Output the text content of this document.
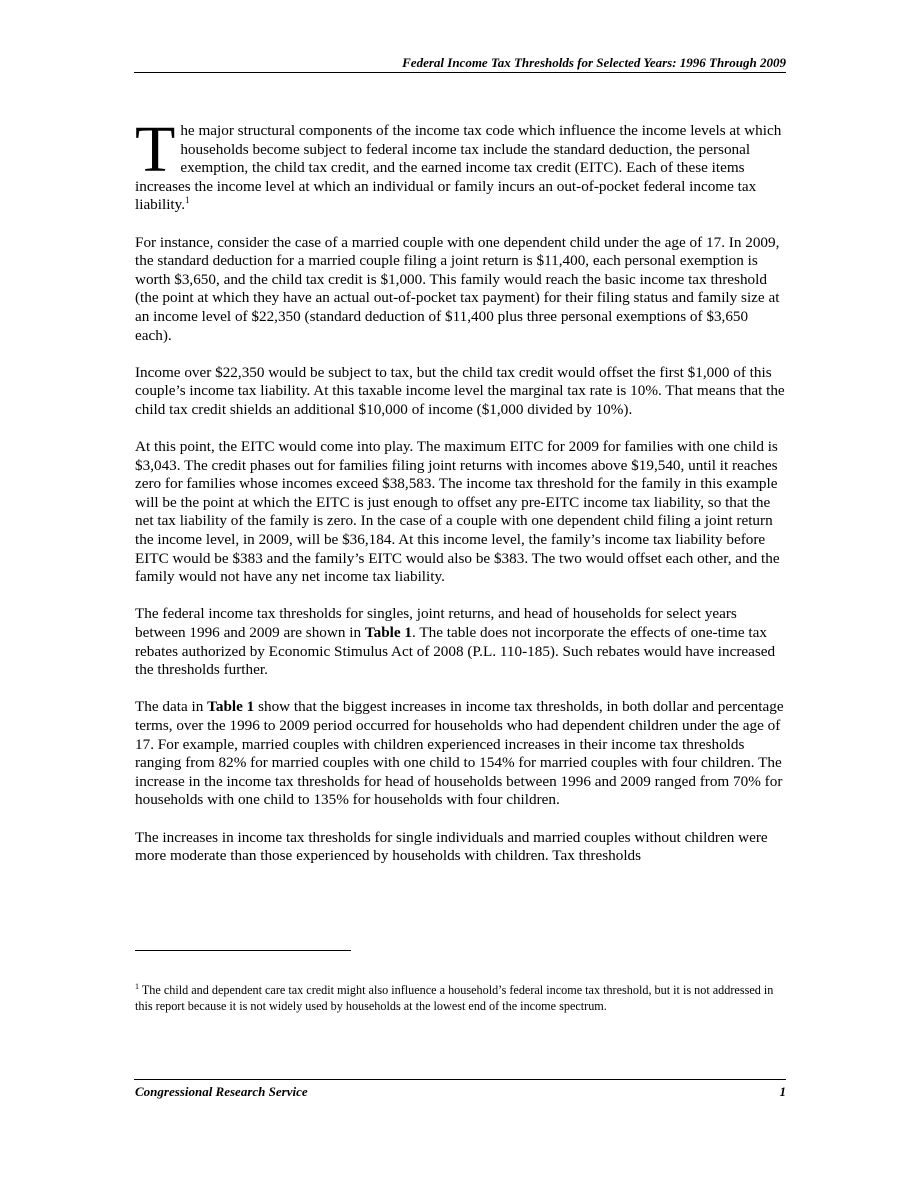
Federal Income Tax Thresholds for Selected Years: 1996 Through 2009

The major structural components of the income tax code which influence the income levels at which households become subject to federal income tax include the standard deduction, the personal exemption, the child tax credit, and the earned income tax credit (EITC). Each of these items increases the income level at which an individual or family incurs an out-of-pocket federal income tax liability.$^1$

For instance, consider the case of a married couple with one dependent child under the age of 17. In 2009, the standard deduction for a married couple filing a joint return is $11,400, each personal exemption is worth $3,650, and the child tax credit is $1,000. This family would reach the basic income tax threshold (the point at which they have an actual out-of-pocket tax payment) for their filing status and family size at an income level of $22,350 (standard deduction of $11,400 plus three personal exemptions of $3,650 each).

Income over $22,350 would be subject to tax, but the child tax credit would offset the first $1,000 of this couple’s income tax liability. At this taxable income level the marginal tax rate is 10%. That means that the child tax credit shields an additional $10,000 of income ($1,000 divided by 10%).

At this point, the EITC would come into play. The maximum EITC for 2009 for families with one child is $3,043. The credit phases out for families filing joint returns with incomes above $19,540, until it reaches zero for families whose incomes exceed $38,583. The income tax threshold for the family in this example will be the point at which the EITC is just enough to offset any pre-EITC income tax liability, so that the net tax liability of the family is zero. In the case of a couple with one dependent child filing a joint return the income level, in 2009, will be $36,184. At this income level, the family’s income tax liability before EITC would be $383 and the family’s EITC would also be $383. The two would offset each other, and the family would not have any net income tax liability.

The federal income tax thresholds for singles, joint returns, and head of households for select years between 1996 and 2009 are shown in Table 1. The table does not incorporate the effects of one-time tax rebates authorized by Economic Stimulus Act of 2008 (P.L. 110-185). Such rebates would have increased the thresholds further.

The data in Table 1 show that the biggest increases in income tax thresholds, in both dollar and percentage terms, over the 1996 to 2009 period occurred for households who had dependent children under the age of 17. For example, married couples with children experienced increases in their income tax thresholds ranging from 82% for married couples with one child to 154% for married couples with four children. The increase in the income tax thresholds for head of households between 1996 and 2009 ranged from 70% for households with one child to 135% for households with four children.

The increases in income tax thresholds for single individuals and married couples without children were more moderate than those experienced by households with children. Tax thresholds

$^1$ The child and dependent care tax credit might also influence a household’s federal income tax threshold, but it is not addressed in this report because it is not widely used by households at the lowest end of the income spectrum.
Congressional Research Service	1
